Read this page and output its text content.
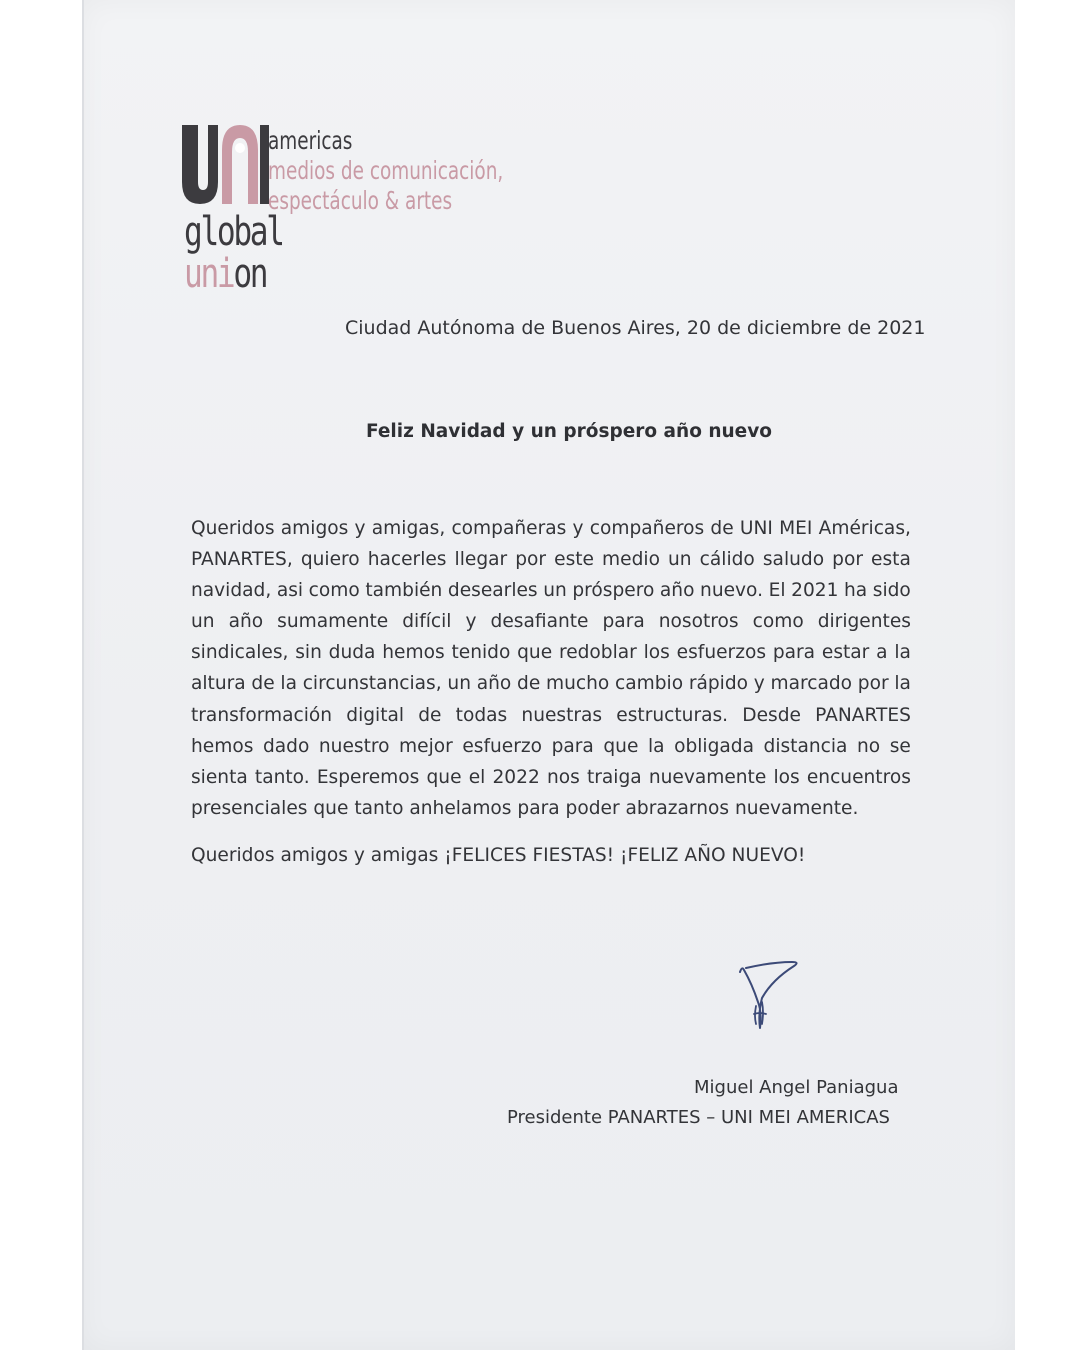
americas
medios de comunicación,
espectáculo & artes
global
union
Ciudad Autónoma de Buenos Aires, 20 de diciembre de 2021
Feliz Navidad y un próspero año nuevo
Queridos amigos y amigas, compañeras y compañeros de UNI MEI Américas,
PANARTES, quiero hacerles llegar por este medio un cálido saludo por esta
navidad, asi como también desearles un próspero año nuevo. El 2021 ha sido
un año sumamente difícil y desafiante para nosotros como dirigentes
sindicales, sin duda hemos tenido que redoblar los esfuerzos para estar a la
altura de la circunstancias, un año de mucho cambio rápido y marcado por la
transformación digital de todas nuestras estructuras. Desde PANARTES
hemos dado nuestro mejor esfuerzo para que la obligada distancia no se
sienta tanto. Esperemos que el 2022 nos traiga nuevamente los encuentros
presenciales que tanto anhelamos para poder abrazarnos nuevamente.
Queridos amigos y amigas ¡FELICES FIESTAS! ¡FELIZ AÑO NUEVO!
Miguel Angel Paniagua
Presidente PANARTES – UNI MEI AMERICAS
